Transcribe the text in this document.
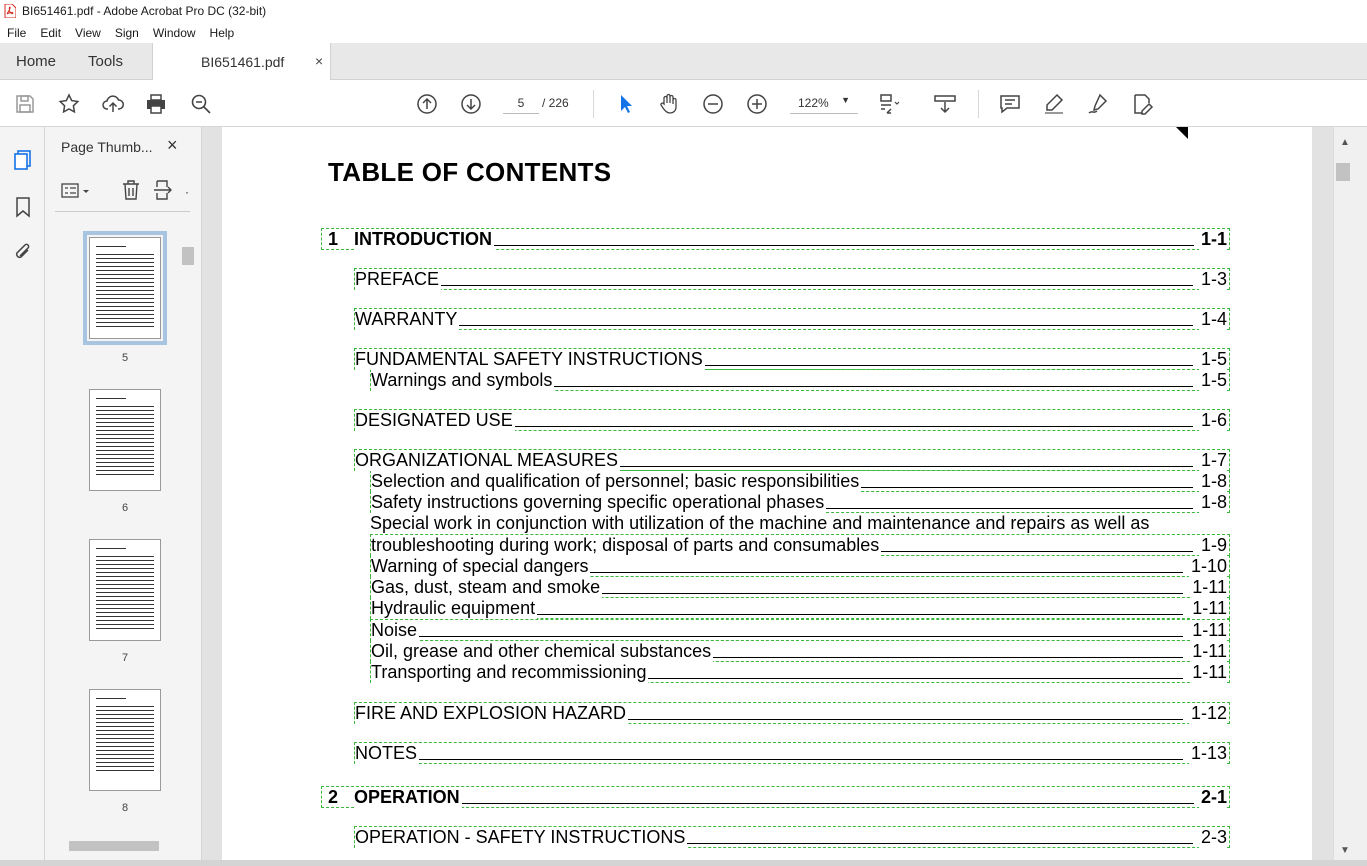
BI651461.pdf - Adobe Acrobat Pro DC (32-bit)
File	Edit	View	Sign	Window	Help
Home Tools	BI651461.pdf ×
5	/ 226	122% ▼
Page Thumb... ×
·
5
6
7
8
TABLE OF CONTENTS
1 INTRODUCTION	1-1
PREFACE	1-3
WARRANTY	1-4
FUNDAMENTAL SAFETY INSTRUCTIONS	1-5
Warnings and symbols	1-5
DESIGNATED USE	1-6
ORGANIZATIONAL MEASURES	1-7
Selection and qualification of personnel; basic responsibilities	1-8
Safety instructions governing specific operational phases	1-8
Special work in conjunction with utilization of the machine and maintenance and repairs as well as
troubleshooting during work; disposal of parts and consumables	1-9
Warning of special dangers	1-10
Gas, dust, steam and smoke	1-11
Hydraulic equipment	1-11
Noise	1-11
Oil, grease and other chemical substances	1-11
Transporting and recommissioning	1-11
FIRE AND EXPLOSION HAZARD	1-12
NOTES	1-13
2 OPERATION	2-1
OPERATION - SAFETY INSTRUCTIONS	2-3
▲
▼
